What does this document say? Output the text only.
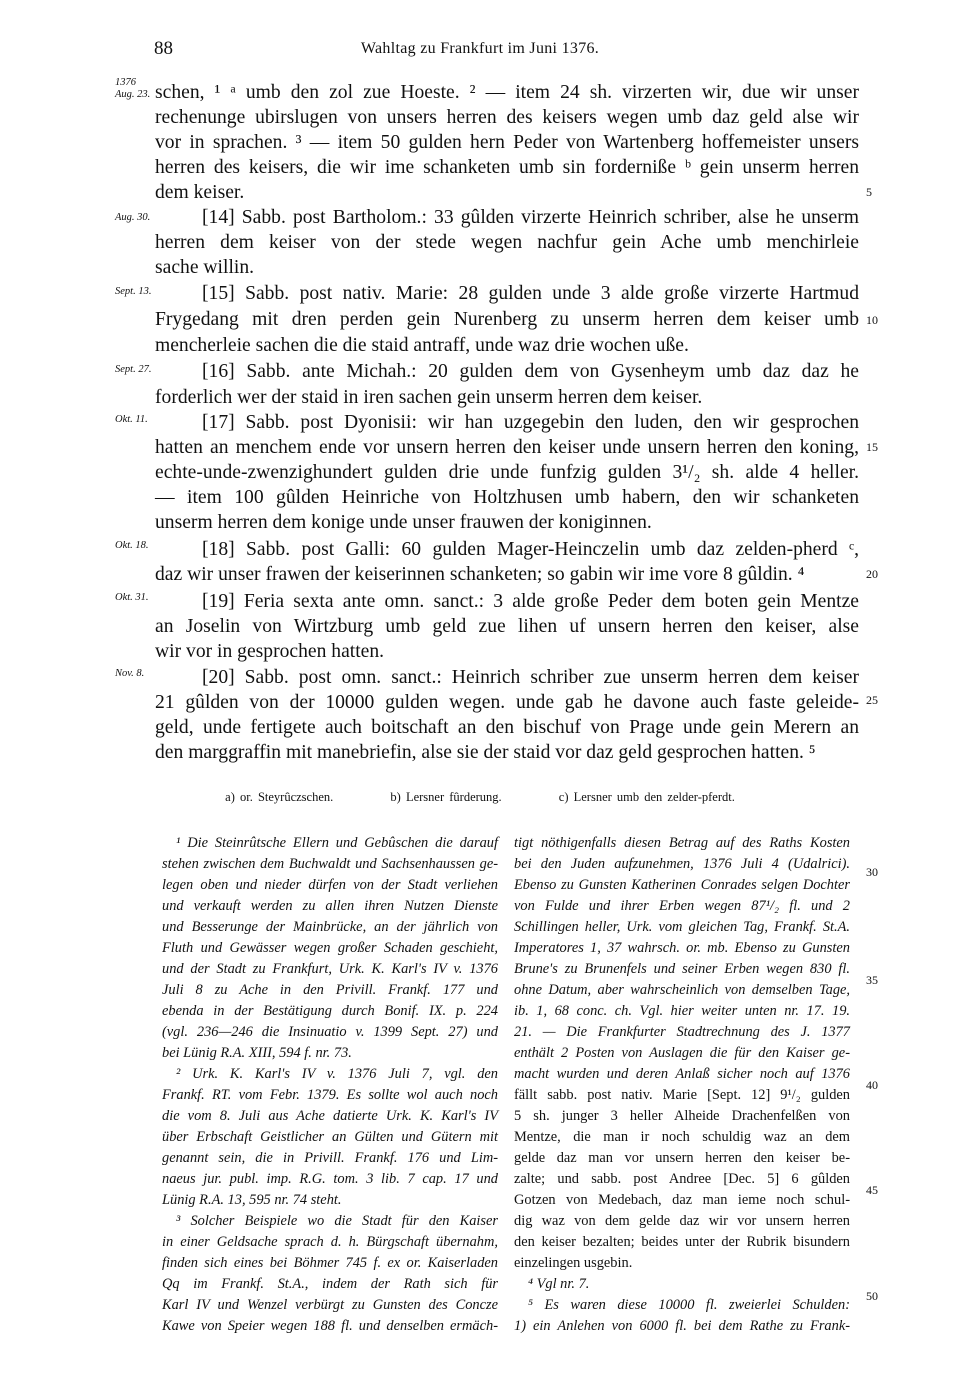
88	Wahltag zu Frankfurt im Juni 1376.
schen, ¹ ᵃ umb den zol zue Hoeste. ² — item 24 sh. virzerten wir, due wir unser
rechenunge ubirslugen von unsers herren des keisers wegen umb daz geld alse wir
vor in sprachen. ³ — item 50 gulden hern Peder von Wartenberg hoffemeister unsers
herren des keisers, die wir ime schanketen umb sin forderniße ᵇ gein unserm herren
dem keiser.
[14] Sabb. post Bartholom.: 33 gûlden virzerte Heinrich schriber, alse he unserm
herren dem keiser von der stede wegen nachfur gein Ache umb menchirleie
sache willin.
[15] Sabb. post nativ. Marie: 28 gulden unde 3 alde große virzerte Hartmud
Frygedang mit dren perden gein Nurenberg zu unserm herren dem keiser umb
mencherleie sachen die die staid antraff, unde waz drie wochen uße.
[16] Sabb. ante Michah.: 20 gulden dem von Gysenheym umb daz daz he
forderlich wer der staid in iren sachen gein unserm herren dem keiser.
[17] Sabb. post Dyonisii: wir han uzgegebin den luden, den wir gesprochen
hatten an menchem ende vor unsern herren den keiser unde unsern herren den koning,
echte-unde-zwenzighundert gulden drie unde funfzig gulden 3¹/₂ sh. alde 4 heller.
— item 100 gûlden Heinriche von Holtzhusen umb habern, den wir schanketen
unserm herren dem konige unde unser frauwen der koniginnen.
[18] Sabb. post Galli: 60 gulden Mager-Heinczelin umb daz zelden-pherd ᶜ,
daz wir unser frawen der keiserinnen schanketen; so gabin wir ime vore 8 gûldin. ⁴
[19] Feria sexta ante omn. sanct.: 3 alde große Peder dem boten gein Mentze
an Joselin von Wirtzburg umb geld zue lihen uf unsern herren den keiser, alse
wir vor in gesprochen hatten.
[20] Sabb. post omn. sanct.: Heinrich schriber zue unserm herren dem keiser
21 gûlden von der 10000 gulden wegen. unde gab he davone auch faste geleide-
geld, unde fertigete auch boitschaft an den bischuf von Prage unde gein Merern an
den marggraffin mit manebriefin, alse sie der staid vor daz geld gesprochen hatten. ⁵
1376 Aug. 23.
Aug. 30.
Sept. 13.
Sept. 27.
Okt. 11.
Okt. 18.
Okt. 31.
Nov. 8.
5
10
15
20
25
30
35
40
45
50
a) or. Steyrûczschen.	b) Lersner fûrderung.	c) Lersner umb den zelder-pferdt.
¹ Die Steinrûtsche Ellern und Gebûschen die darauf
stehen zwischen dem Buchwaldt und Sachsenhaussen ge-
legen oben und nieder dürfen von der Stadt verliehen
und verkauft werden zu allen ihren Nutzen Dienste
und Besserunge der Mainbrücke, an der jährlich von
Fluth und Gewässer wegen großer Schaden geschieht,
und der Stadt zu Frankfurt, Urk. K. Karl's IV v. 1376
Juli 8 zu Ache in den Privill. Frankf. 177 und
ebenda in der Bestätigung durch Bonif. IX. p. 224
(vgl. 236—246 die Insinuatio v. 1399 Sept. 27) und
bei Lünig R.A. XIII, 594 f. nr. 73.
² Urk. K. Karl's IV v. 1376 Juli 7, vgl. den
Frankf. RT. vom Febr. 1379. Es sollte wol auch noch
die vom 8. Juli aus Ache datierte Urk. K. Karl's IV
über Erbschaft Geistlicher an Gülten und Gütern mit
genannt sein, die in Privill. Frankf. 176 und Lim-
naeus jur. publ. imp. R.G. tom. 3 lib. 7 cap. 17 und
Lünig R.A. 13, 595 nr. 74 steht.
³ Solcher Beispiele wo die Stadt für den Kaiser
in einer Geldsache sprach d. h. Bürgschaft übernahm,
finden sich eines bei Böhmer 745 f. ex or. Kaiserladen
Qq im Frankf. St.A., indem der Rath sich für
Karl IV und Wenzel verbürgt zu Gunsten des Concze
Kawe von Speier wegen 188 fl. und denselben ermäch-
tigt nöthigenfalls diesen Betrag auf des Raths Kosten
bei den Juden aufzunehmen, 1376 Juli 4 (Udalrici).
Ebenso zu Gunsten Katherinen Conrades selgen Dochter
von Fulde und ihrer Erben wegen 87¹/₂ fl. und 2
Schillingen heller, Urk. vom gleichen Tag, Frankf. St.A.
Imperatores 1, 37 wahrsch. or. mb. Ebenso zu Gunsten
Brune's zu Brunenfels und seiner Erben wegen 830 fl.
ohne Datum, aber wahrscheinlich von demselben Tage,
ib. 1, 68 conc. ch. Vgl. hier weiter unten nr. 17. 19.
21. — Die Frankfurter Stadtrechnung des J. 1377
enthält 2 Posten von Auslagen die für den Kaiser ge-
macht wurden und deren Anlaß sicher noch auf 1376
fällt sabb. post nativ. Marie [Sept. 12] 9¹/₂ gulden
5 sh. junger 3 heller Alheide Drachenfelßen von
Mentze, die man ir noch schuldig waz an dem
gelde daz man vor unsern herren den keiser be-
zalte; und sabb. post Andree [Dec. 5] 6 gûlden
Gotzen von Medebach, daz man ieme noch schul-
dig waz von dem gelde daz wir vor unsern herren
den keiser bezalten; beides unter der Rubrik bisundern
einzelingen usgebin.
⁴ Vgl nr. 7.
⁵ Es waren diese 10000 fl. zweierlei Schulden:
1) ein Anlehen von 6000 fl. bei dem Rathe zu Frank-
